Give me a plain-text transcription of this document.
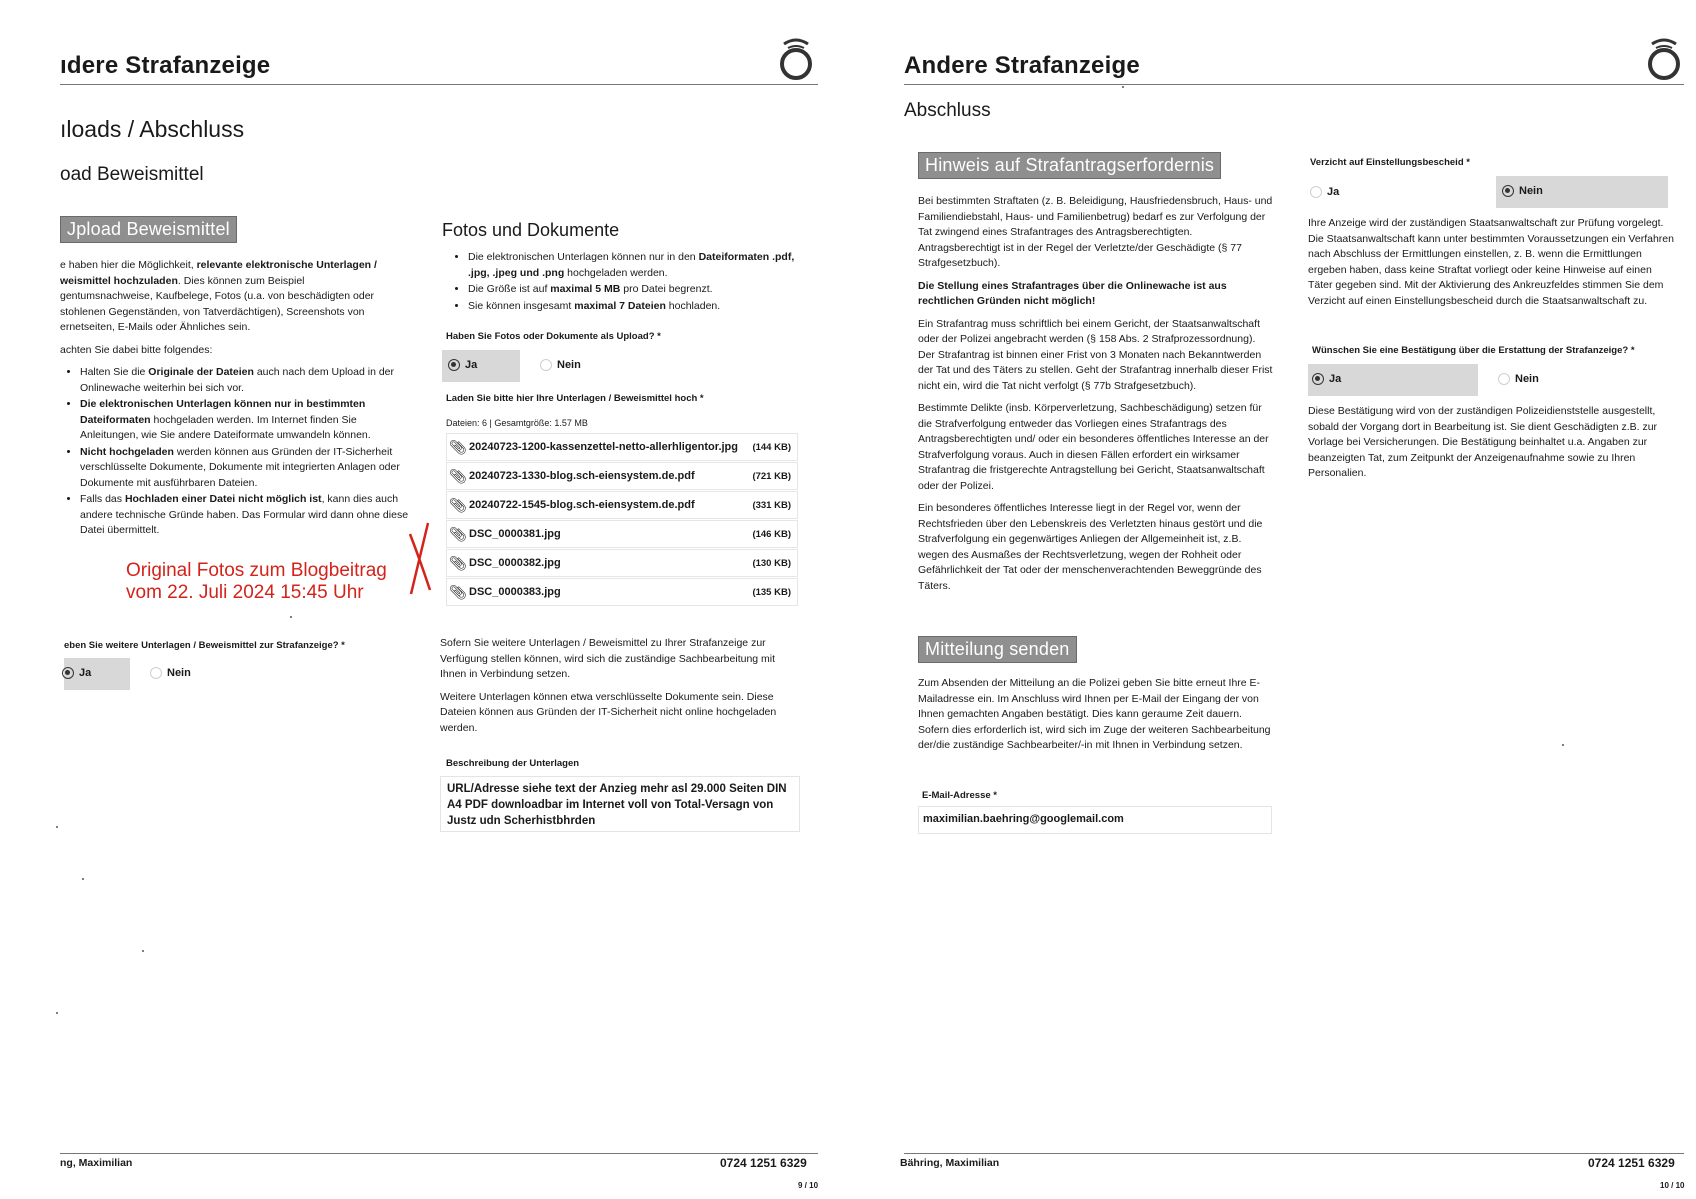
ıdere Strafanzeige
ıloads / Abschluss
oad Beweismittel
Jpload Beweismittel

e haben hier die Möglichkeit, relevante elektronische Unterlagen /
weismittel hochzuladen. Dies können zum Beispiel
gentumsnachweise, Kaufbelege, Fotos (u.a. von beschädigten oder
stohlenen Gegenständen, von Tatverdächtigen), Screenshots von
ernetseiten, E-Mails oder Ähnliches sein.

achten Sie dabei bitte folgendes:

• Halten Sie die Originale der Dateien auch nach dem Upload in der Onlinewache weiterhin bei sich vor.
• Die elektronischen Unterlagen können nur in bestimmten Dateiformaten hochgeladen werden. Im Internet finden Sie Anleitungen, wie Sie andere Dateiformate umwandeln können.
• Nicht hochgeladen werden können aus Gründen der IT-Sicherheit verschlüsselte Dokumente, Dokumente mit integrierten Anlagen oder Dokumente mit ausführbaren Dateien.
• Falls das Hochladen einer Datei nicht möglich ist, kann dies auch andere technische Gründe haben. Das Formular wird dann ohne diese Datei übermittelt.
Original Fotos zum Blogbeitrag
vom 22. Juli 2024 15:45 Uhr
eben Sie weitere Unterlagen / Beweismittel zur Strafanzeige? *
Ja	Nein
Fotos und Dokumente
• Die elektronischen Unterlagen können nur in den Dateiformaten .pdf, .jpg, .jpeg und .png hochgeladen werden.
• Die Größe ist auf maximal 5 MB pro Datei begrenzt.
• Sie können insgesamt maximal 7 Dateien hochladen.
Haben Sie Fotos oder Dokumente als Upload? *
Ja	Nein
Laden Sie bitte hier Ihre Unterlagen / Beweismittel hoch *
Dateien: 6 | Gesamtgröße: 1.57 MB
📎︎ 20240723-1200-kassenzettel-netto-allerhligentor.jpg	(144 KB)
📎︎ 20240723-1330-blog.sch-eiensystem.de.pdf	(721 KB)
📎︎ 20240722-1545-blog.sch-eiensystem.de.pdf	(331 KB)
📎︎ DSC_0000381.jpg	(146 KB)
📎︎ DSC_0000382.jpg	(130 KB)
📎︎ DSC_0000383.jpg	(135 KB)

Sofern Sie weitere Unterlagen / Beweismittel zu Ihrer Strafanzeige zur Verfügung stellen können, wird sich die zuständige Sachbearbeitung mit Ihnen in Verbindung setzen.

Weitere Unterlagen können etwa verschlüsselte Dokumente sein. Diese Dateien können aus Gründen der IT-Sicherheit nicht online hochgeladen werden.

Beschreibung der Unterlagen
URL/Adresse siehe text der Anzieg mehr asl 29.000 Seiten DIN A4 PDF downloadbar im Internet voll von Total-Versagn von Justz udn Scherhistbhrden
ng, Maximilian	0724 1251 6329
9 / 10
Andere Strafanzeige
Abschluss
Hinweis auf Strafantragserfordernis

Bei bestimmten Straftaten (z. B. Beleidigung, Hausfriedensbruch, Haus- und Familiendiebstahl, Haus- und Familienbetrug) bedarf es zur Verfolgung der Tat zwingend eines Strafantrages des Antragsberechtigten. Antragsberechtigt ist in der Regel der Verletzte/der Geschädigte (§ 77 Strafgesetzbuch).

Die Stellung eines Strafantrages über die Onlinewache ist aus rechtlichen Gründen nicht möglich!

Ein Strafantrag muss schriftlich bei einem Gericht, der Staatsanwaltschaft oder der Polizei angebracht werden (§ 158 Abs. 2 Strafprozessordnung). Der Strafantrag ist binnen einer Frist von 3 Monaten nach Bekanntwerden der Tat und des Täters zu stellen. Geht der Strafantrag innerhalb dieser Frist nicht ein, wird die Tat nicht verfolgt (§ 77b Strafgesetzbuch).

Bestimmte Delikte (insb. Körperverletzung, Sachbeschädigung) setzen für die Strafverfolgung entweder das Vorliegen eines Strafantrags des Antragsberechtigten und/ oder ein besonderes öffentliches Interesse an der Strafverfolgung voraus. Auch in diesen Fällen erfordert ein wirksamer Strafantrag die fristgerechte Antragstellung bei Gericht, Staatsanwaltschaft oder der Polizei.

Ein besonderes öffentliches Interesse liegt in der Regel vor, wenn der Rechtsfrieden über den Lebenskreis des Verletzten hinaus gestört und die Strafverfolgung ein gegenwärtiges Anliegen der Allgemeinheit ist, z.B. wegen des Ausmaßes der Rechtsverletzung, wegen der Rohheit oder Gefährlichkeit der Tat oder der menschenverachtenden Beweggründe des Täters.

Mitteilung senden
Zum Absenden der Mitteilung an die Polizei geben Sie bitte erneut Ihre E-Mailadresse ein. Im Anschluss wird Ihnen per E-Mail der Eingang der von Ihnen gemachten Angaben bestätigt. Dies kann geraume Zeit dauern. Sofern dies erforderlich ist, wird sich im Zuge der weiteren Sachbearbeitung der/die zuständige Sachbearbeiter/-in mit Ihnen in Verbindung setzen.
E-Mail-Adresse *
maximilian.baehring@googlemail.com
Verzicht auf Einstellungsbescheid *
Ja	Nein
Ihre Anzeige wird der zuständigen Staatsanwaltschaft zur Prüfung vorgelegt. Die Staatsanwaltschaft kann unter bestimmten Voraussetzungen ein Verfahren nach Abschluss der Ermittlungen einstellen, z. B. wenn die Ermittlungen ergeben haben, dass keine Straftat vorliegt oder keine Hinweise auf einen Täter gegeben sind. Mit der Aktivierung des Ankreuzfeldes stimmen Sie dem Verzicht auf einen Einstellungsbescheid durch die Staatsanwaltschaft zu.
Wünschen Sie eine Bestätigung über die Erstattung der Strafanzeige? *
Ja	Nein
Diese Bestätigung wird von der zuständigen Polizeidienststelle ausgestellt, sobald der Vorgang dort in Bearbeitung ist. Sie dient Geschädigten z.B. zur Vorlage bei Versicherungen. Die Bestätigung beinhaltet u.a. Angaben zur beanzeigten Tat, zum Zeitpunkt der Anzeigenaufnahme sowie zu Ihren Personalien.
Bähring, Maximilian	0724 1251 6329
10 / 10
